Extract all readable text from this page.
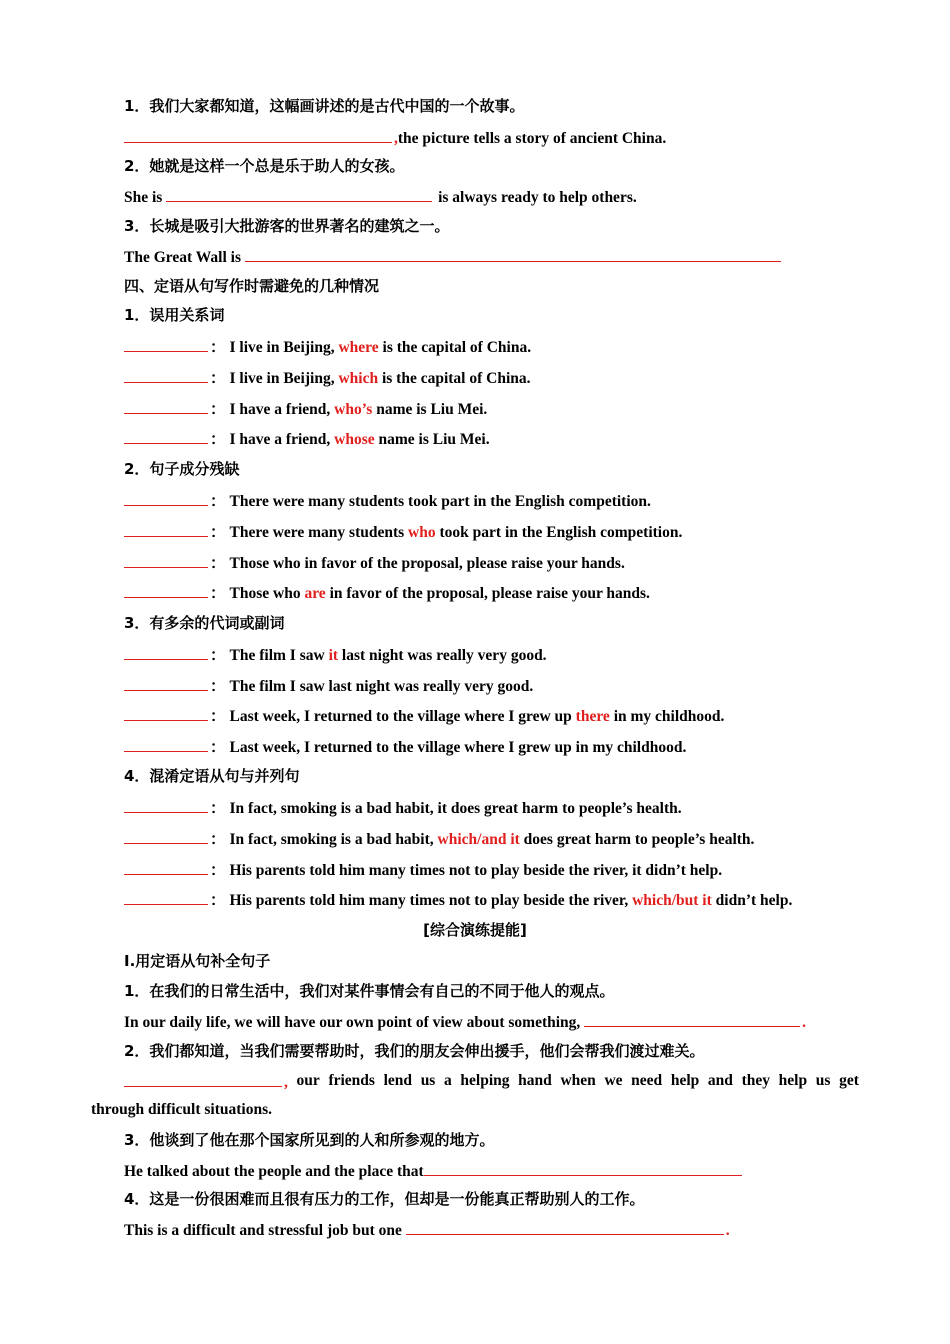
1．我们大家都知道，这幅画讲述的是古代中国的一个故事。
,the picture tells a story of ancient China.
2．她就是这样一个总是乐于助人的女孩。
She is	is always ready to help others.
3．长城是吸引大批游客的世界著名的建筑之一。
The Great Wall is
四、定语从句写作时需避免的几种情况
1．误用关系词
： I live in Beijing, where is the capital of China.
： I live in Beijing, which is the capital of China.
： I have a friend, who’s name is Liu Mei.
： I have a friend, whose name is Liu Mei.
2．句子成分残缺
： There were many students took part in the English competition.
： There were many students who took part in the English competition.
： Those who in favor of the proposal, please raise your hands.
： Those who are in favor of the proposal, please raise your hands.
3．有多余的代词或副词
： The film I saw it last night was really very good.
： The film I saw last night was really very good.
： Last week, I returned to the village where I grew up there in my childhood.
： Last week, I returned to the village where I grew up in my childhood.
4．混淆定语从句与并列句
： In fact, smoking is a bad habit, it does great harm to people’s health.
： In fact, smoking is a bad habit, which/and it does great harm to people’s health.
： His parents told him many times not to play beside the river, it didn’t help.
： His parents told him many times not to play beside the river, which/but it didn’t help.
[综合演练提能]
Ⅰ.用定语从句补全句子
1．在我们的日常生活中，我们对某件事情会有自己的不同于他人的观点。
In our daily life, we will have our own point of view about something,	.
2．我们都知道，当我们需要帮助时，我们的朋友会伸出援手，他们会帮我们渡过难关。
, our friends lend us a helping hand when we need help and they help us get
through difficult situations.
3．他谈到了他在那个国家所见到的人和所参观的地方。
He talked about the people and the place that
4．这是一份很困难而且很有压力的工作，但却是一份能真正帮助别人的工作。
This is a difficult and stressful job but one	.
